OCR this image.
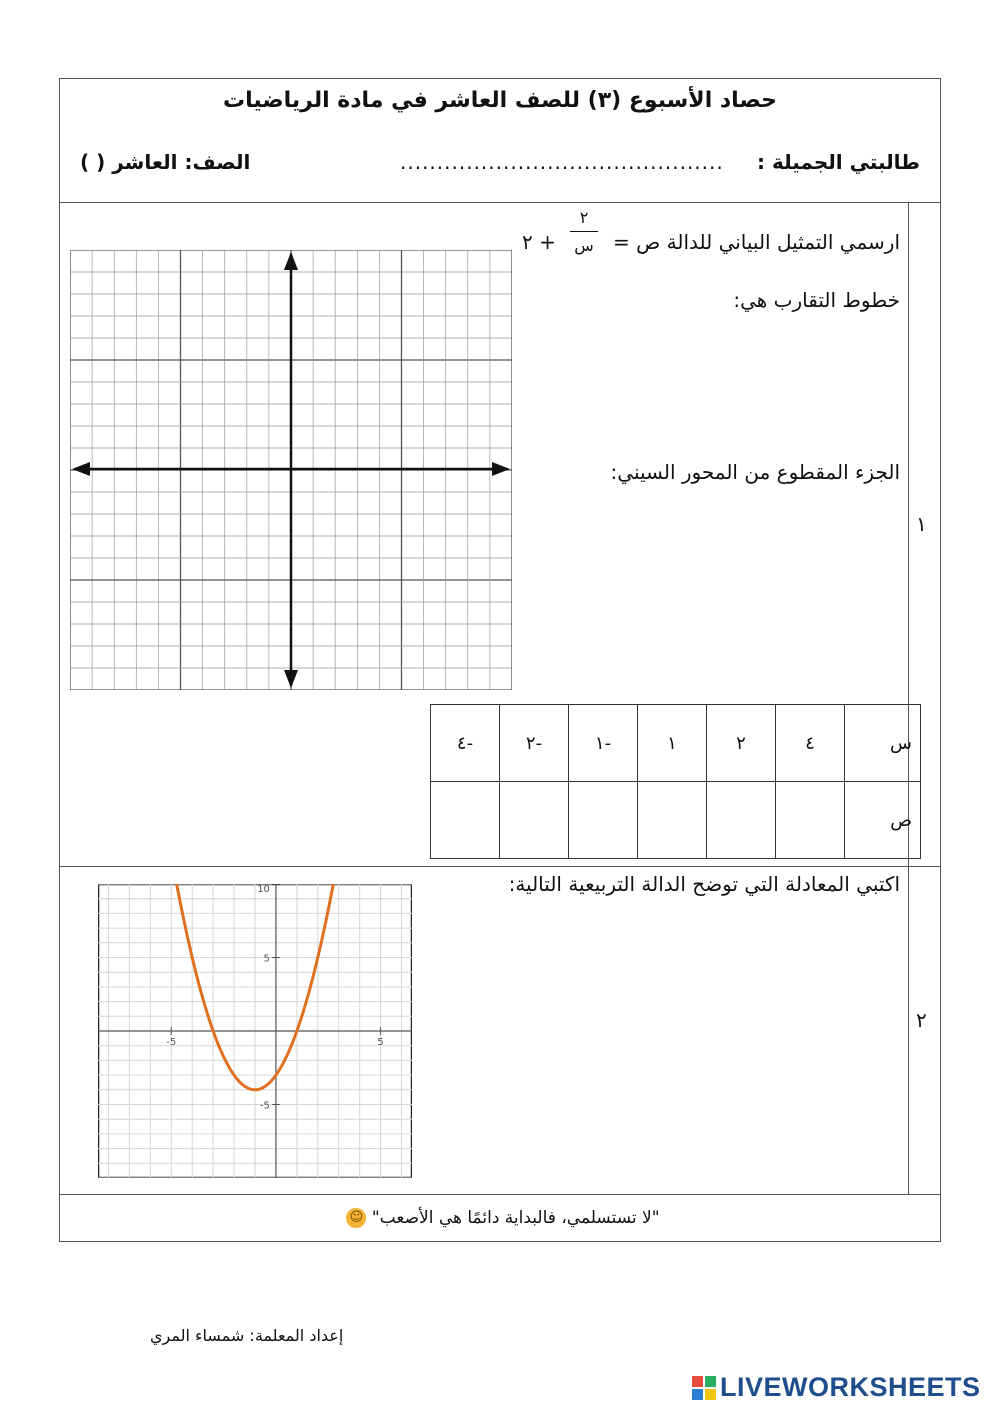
حصاد الأسبوع (٣) للصف العاشر في مادة الرياضيات
طالبتي الجميلة :
............................................
الصف: العاشر ( )
١
ارسمي التمثيل البياني للدالة ص =
٢
س
+ ٢
خطوط التقارب هي:
الجزء المقطوع من المحور السيني:
س	٤	٢	١	-١	-٢	-٤
ص						
٢
اكتبي المعادلة التي توضح الدالة التربيعية التالية:
-5	5
5
-5
10
"لا تستسلمي، فالبداية دائمًا هي الأصعب" ☺
إعداد المعلمة: شمساء المري
LIVEWORKSHEETS
